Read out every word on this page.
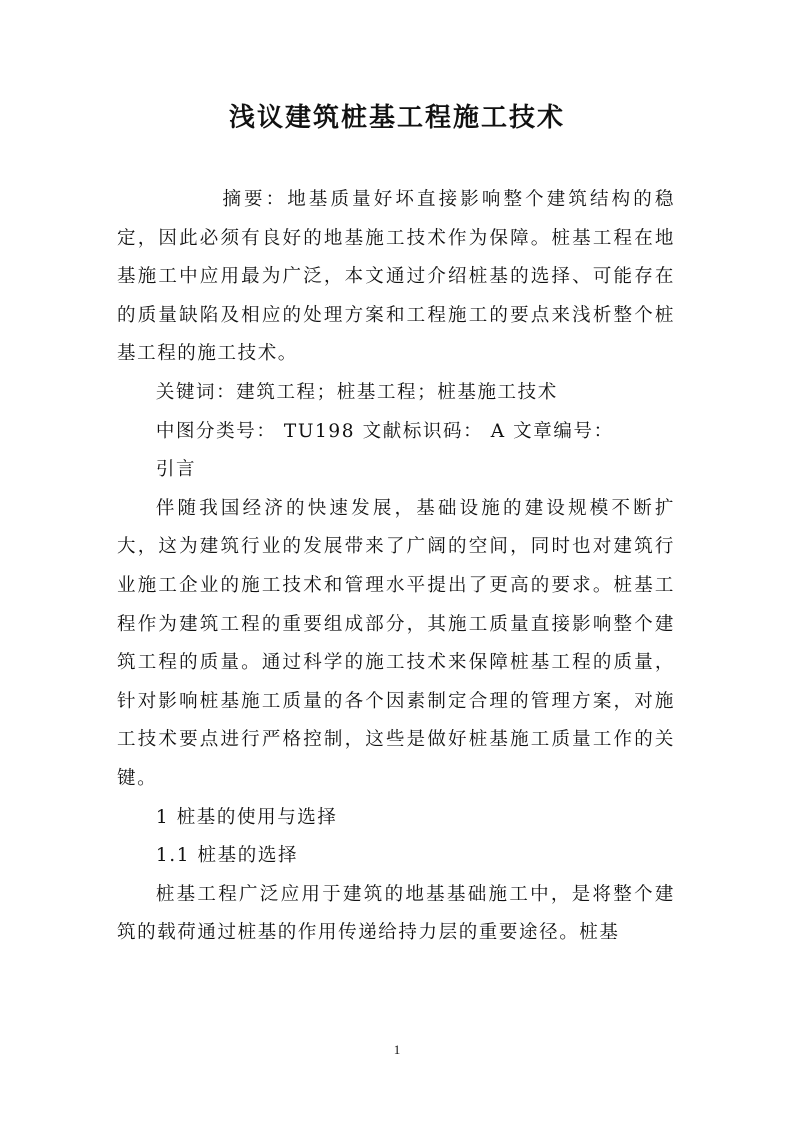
浅议建筑桩基工程施工技术

摘要：地基质量好坏直接影响整个建筑结构的稳定，因此必须有良好的地基施工技术作为保障。桩基工程在地基施工中应用最为广泛，本文通过介绍桩基的选择、可能存在的质量缺陷及相应的处理方案和工程施工的要点来浅析整个桩基工程的施工技术。

关键词：建筑工程；桩基工程；桩基施工技术

中图分类号： TU198 文献标识码： A 文章编号：

引言

伴随我国经济的快速发展，基础设施的建设规模不断扩大，这为建筑行业的发展带来了广阔的空间，同时也对建筑行业施工企业的施工技术和管理水平提出了更高的要求。桩基工程作为建筑工程的重要组成部分，其施工质量直接影响整个建筑工程的质量。通过科学的施工技术来保障桩基工程的质量，针对影响桩基施工质量的各个因素制定合理的管理方案，对施工技术要点进行严格控制，这些是做好桩基施工质量工作的关键。

1 桩基的使用与选择

1.1 桩基的选择

桩基工程广泛应用于建筑的地基基础施工中，是将整个建筑的载荷通过桩基的作用传递给持力层的重要途径。桩基

1
